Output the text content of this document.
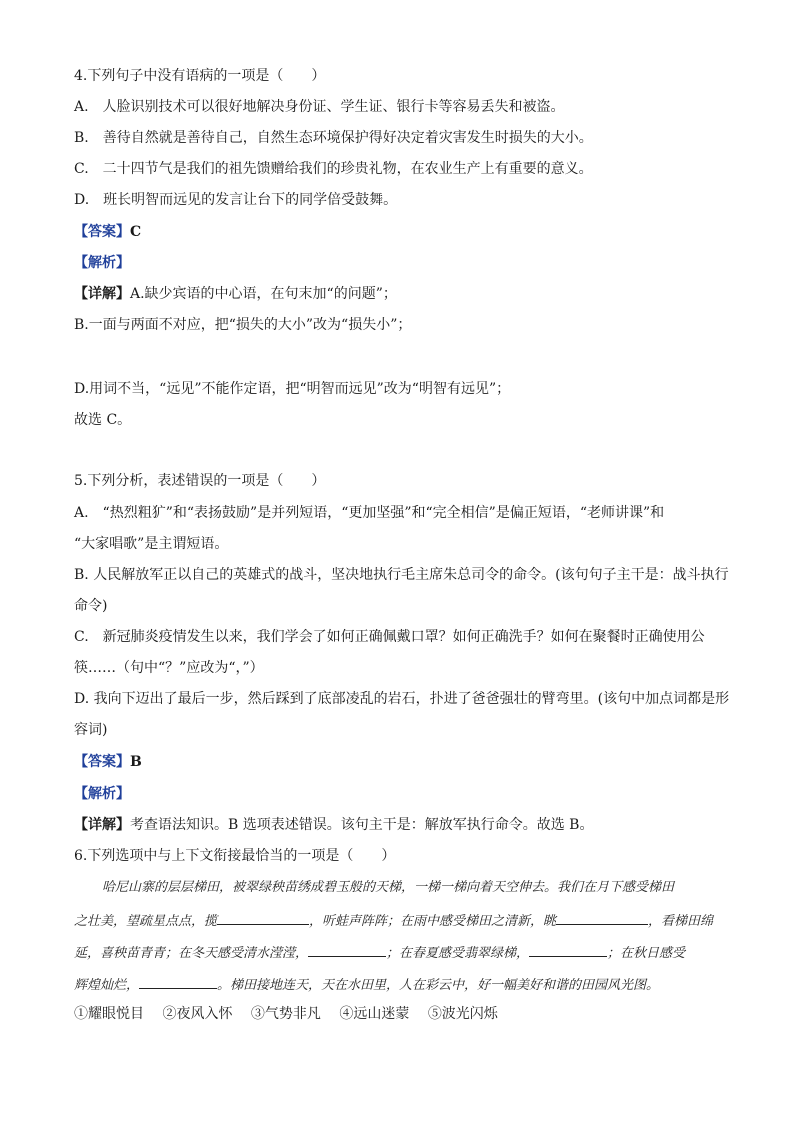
4.下列句子中没有语病的一项是（　　）
A.　人脸识别技术可以很好地解决身份证、学生证、银行卡等容易丢失和被盗。
B.　善待自然就是善待自己，自然生态环境保护得好决定着灾害发生时损失的大小。
C.　二十四节气是我们的祖先馈赠给我们的珍贵礼物，在农业生产上有重要的意义。
D.　班长明智而远见的发言让台下的同学倍受鼓舞。
【答案】C
【解析】
【详解】A.缺少宾语的中心语，在句末加“的问题”；
B.一面与两面不对应，把“损失的大小”改为“损失小”；
D.用词不当，“远见”不能作定语，把“明智而远见”改为“明智有远见”；
故选 C。
5.下列分析，表述错误的一项是（　　）
A.　“热烈粗犷”和“表扬鼓励”是并列短语，“更加坚强”和“完全相信”是偏正短语，“老师讲课”和
“大家唱歌”是主谓短语。
B. 人民解放军正以自己的英雄式的战斗，坚决地执行毛主席朱总司令的命令。(该句句子主干是：战斗执行
命令)
C.　新冠肺炎疫情发生以来，我们学会了如何正确佩戴口罩？如何正确洗手？如何在聚餐时正确使用公
筷……（句中“？”应改为“，”）
D. 我向下迈出了最后一步，然后踩到了底部凌乱的岩石，扑进了爸爸强壮的臂弯里。(该句中加点词都是形
容词)
【答案】B
【解析】
【详解】考查语法知识。B 选项表述错误。该句主干是：解放军执行命令。故选 B。
6.下列选项中与上下文衔接最恰当的一项是（　　）
哈尼山寨的层层梯田，被翠绿秧苗绣成碧玉般的天梯，一梯一梯向着天空伸去。我们在月下感受梯田
之壮美，望疏星点点，揽	，听蛙声阵阵；在雨中感受梯田之清新，眺	，看梯田绵
延，喜秧苗青青；在冬天感受清水滢滢，	；在春夏感受翡翠绿梯，	；在秋日感受
辉煌灿烂，	。梯田接地连天，天在水田里，人在彩云中，好一幅美好和谐的田园风光图。
①耀眼悦目 ②夜风入怀 ③气势非凡 ④远山迷蒙 ⑤波光闪烁
